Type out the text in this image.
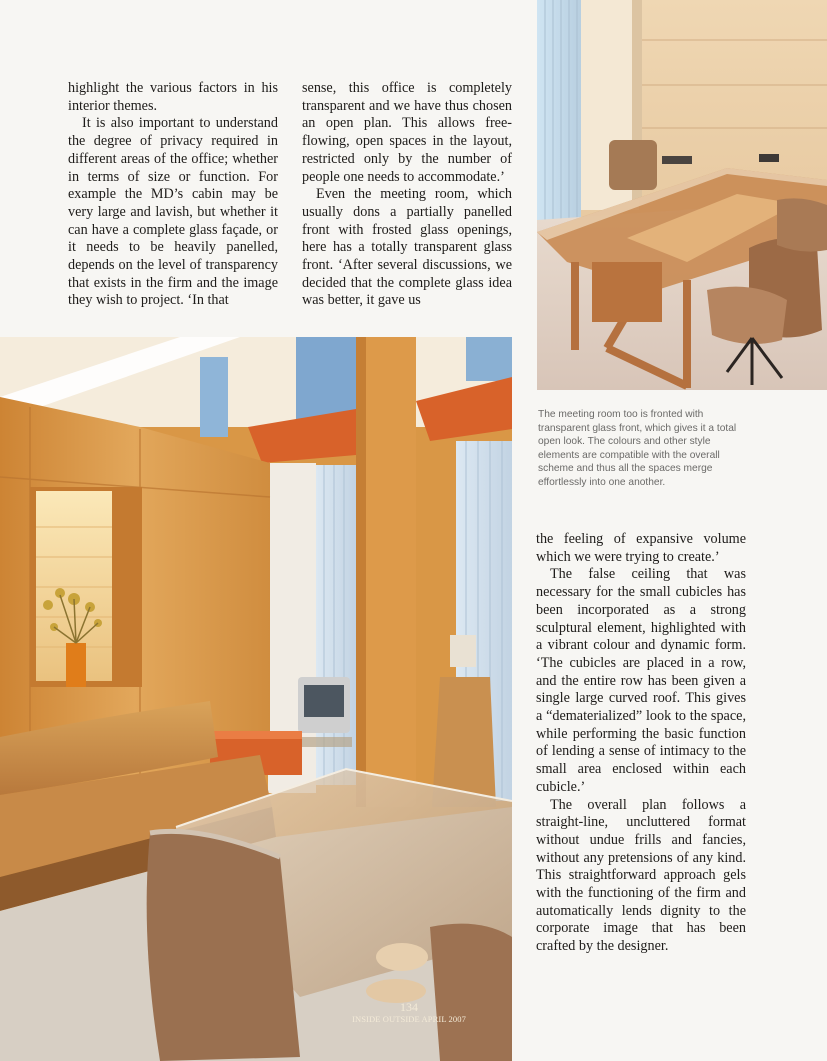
highlight the various factors in his interior themes.

It is also important to understand the degree of privacy required in different areas of the office; whether in terms of size or function. For example the MD’s cabin may be very large and lavish, but whether it can have a complete glass façade, or it needs to be heavily panelled, depends on the level of transparency that exists in the firm and the image they wish to project. ‘In that

sense, this office is completely transparent and we have thus chosen an open plan. This allows free-flowing, open spaces in the layout, restricted only by the number of people one needs to accommodate.’

Even the meeting room, which usually dons a partially panelled front with frosted glass openings, here has a totally transparent glass front. ‘After several discussions, we decided that the complete glass idea was better, it gave us

The meeting room too is fronted with transparent glass front, which gives it a total open look. The colours and other style elements are compatible with the overall scheme and thus all the spaces merge effortlessly into one another.

the feeling of expansive volume which we were trying to create.’

The false ceiling that was necessary for the small cubicles has been incorporated as a strong sculptural element, highlighted with a vibrant colour and dynamic form. ‘The cubicles are placed in a row, and the entire row has been given a single large curved roof. This gives a “dematerialized” look to the space, while performing the basic function of lending a sense of intimacy to the small area enclosed within each cubicle.’

The overall plan follows a straight-line, uncluttered format without undue frills and fancies, without any pretensions of any kind. This straightforward approach gels with the functioning of the firm and automatically lends dignity to the corporate image that has been crafted by the designer.

134
INSIDE OUTSIDE APRIL 2007
